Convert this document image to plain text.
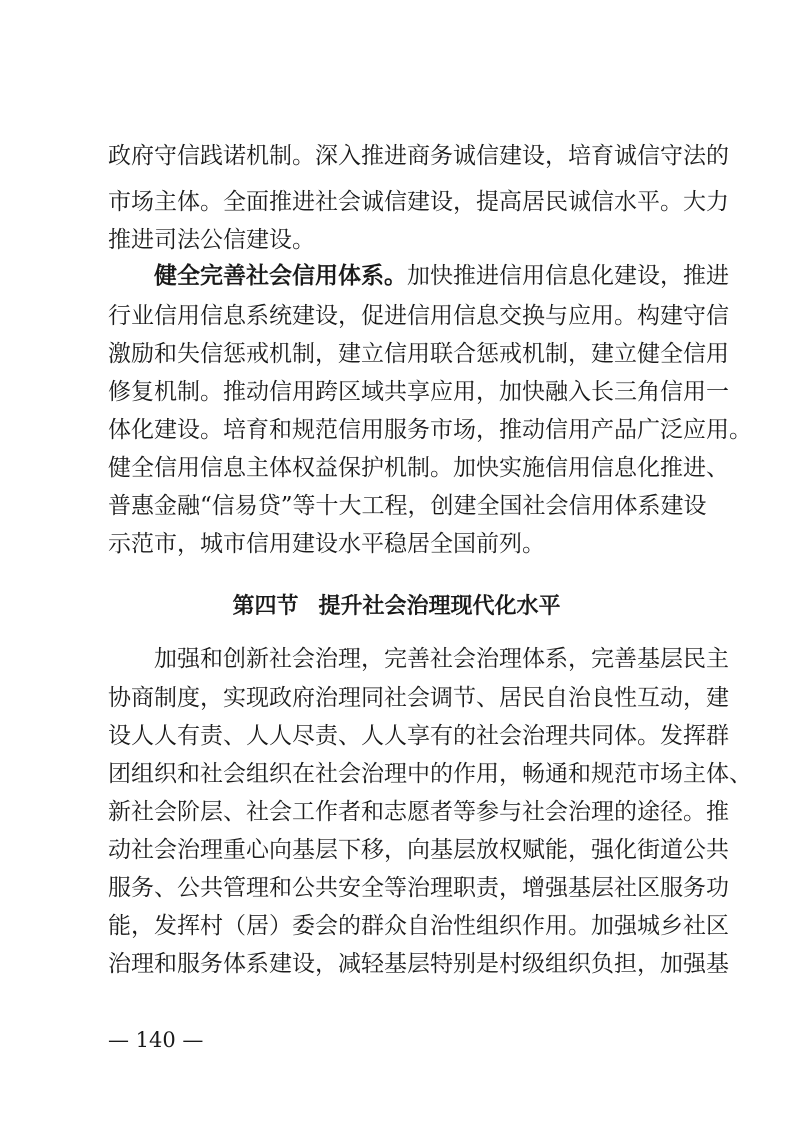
政府守信践诺机制。深入推进商务诚信建设，培育诚信守法的
市场主体。全面推进社会诚信建设，提高居民诚信水平。大力
推进司法公信建设。
健全完善社会信用体系。加快推进信用信息化建设，推进
行业信用信息系统建设，促进信用信息交换与应用。构建守信
激励和失信惩戒机制，建立信用联合惩戒机制，建立健全信用
修复机制。推动信用跨区域共享应用，加快融入长三角信用一
体化建设。培育和规范信用服务市场，推动信用产品广泛应用。
健全信用信息主体权益保护机制。加快实施信用信息化推进、
普惠金融“信易贷”等十大工程，创建全国社会信用体系建设
示范市，城市信用建设水平稳居全国前列。
第四节 提升社会治理现代化水平
加强和创新社会治理，完善社会治理体系，完善基层民主
协商制度，实现政府治理同社会调节、居民自治良性互动，建
设人人有责、人人尽责、人人享有的社会治理共同体。发挥群
团组织和社会组织在社会治理中的作用，畅通和规范市场主体、
新社会阶层、社会工作者和志愿者等参与社会治理的途径。推
动社会治理重心向基层下移，向基层放权赋能，强化街道公共
服务、公共管理和公共安全等治理职责，增强基层社区服务功
能，发挥村（居）委会的群众自治性组织作用。加强城乡社区
治理和服务体系建设，减轻基层特别是村级组织负担，加强基
— 140 —
